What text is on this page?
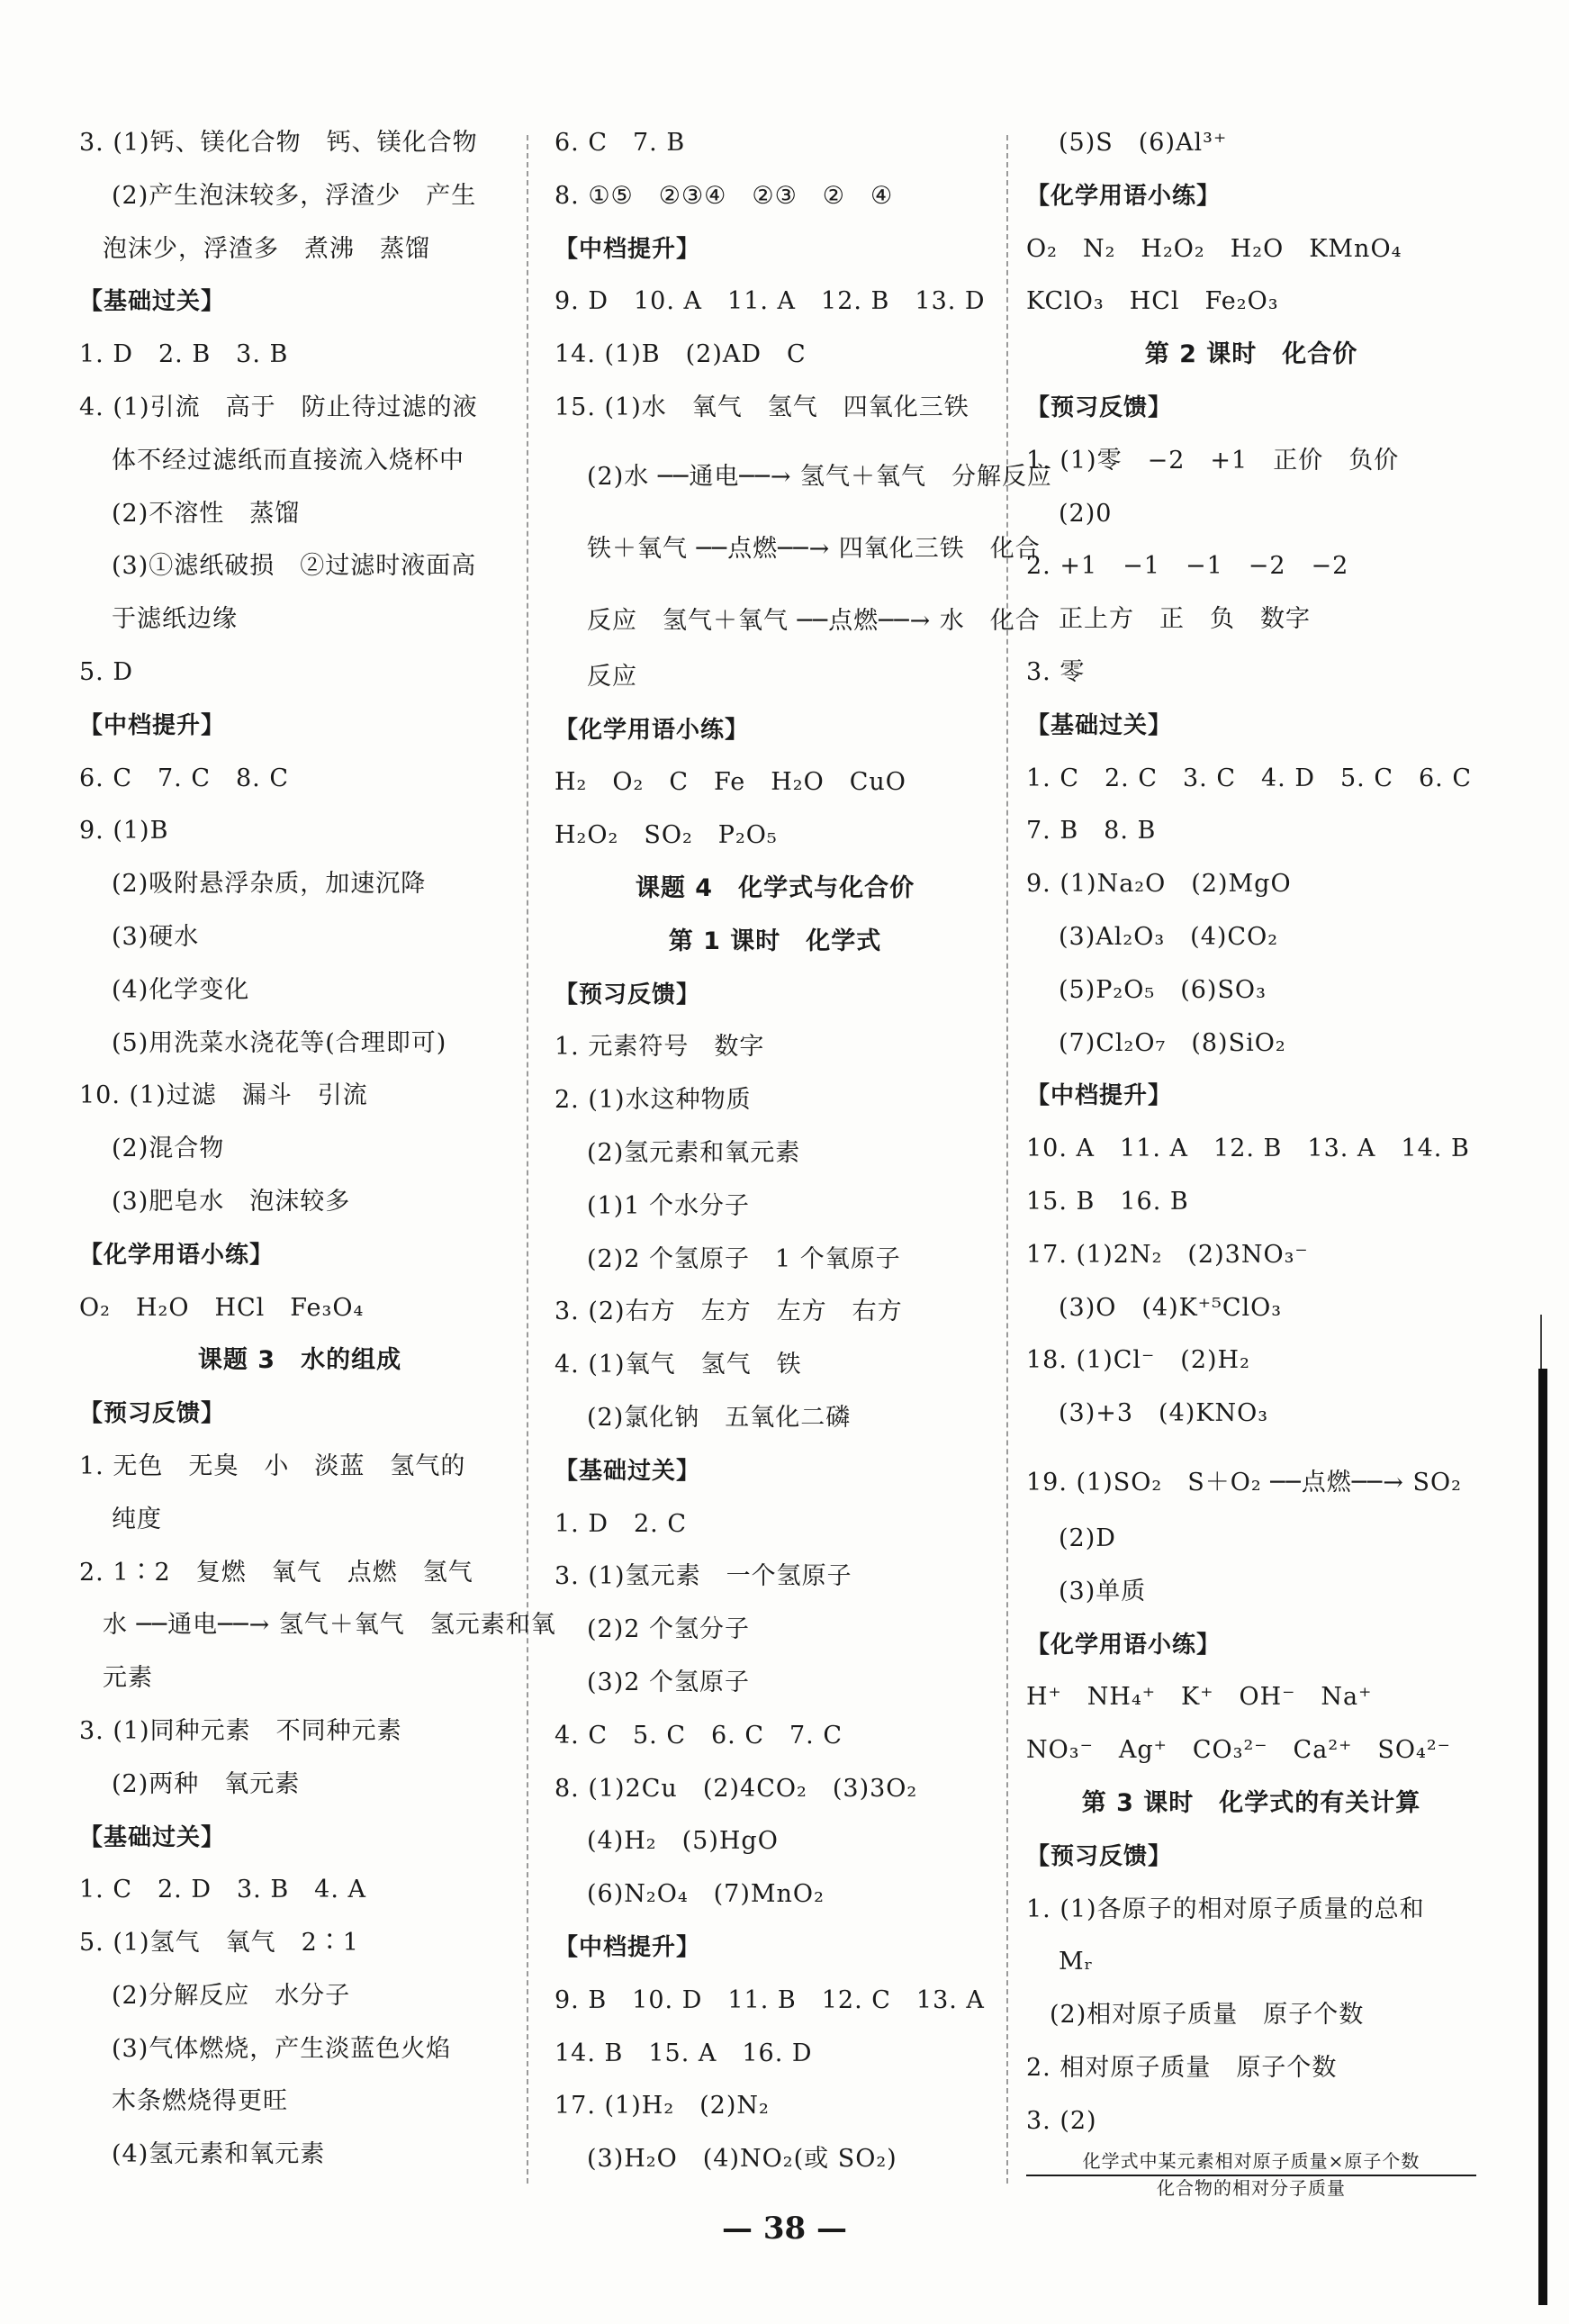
3. (1)钙、镁化合物　钙、镁化合物
(2)产生泡沫较多，浮渣少　产生
泡沫少，浮渣多　煮沸　蒸馏
【基础过关】
1. D　2. B　3. B
4. (1)引流　高于　防止待过滤的液
体不经过滤纸而直接流入烧杯中
(2)不溶性　蒸馏
(3)①滤纸破损　②过滤时液面高
于滤纸边缘
5. D
【中档提升】
6. C　7. C　8. C
9. (1)B
(2)吸附悬浮杂质，加速沉降
(3)硬水
(4)化学变化
(5)用洗菜水浇花等(合理即可)
10. (1)过滤　漏斗　引流
(2)混合物
(3)肥皂水　泡沫较多
【化学用语小练】
O₂　H₂O　HCl　Fe₃O₄
课题 3　水的组成
【预习反馈】
1. 无色　无臭　小　淡蓝　氢气的
纯度
2. 1∶2　复燃　氧气　点燃　氢气
水 ──通电──→ 氢气＋氧气　氢元素和氧
元素
3. (1)同种元素　不同种元素
(2)两种　氧元素
【基础过关】
1. C　2. D　3. B　4. A
5. (1)氢气　氧气　2∶1
(2)分解反应　水分子
(3)气体燃烧，产生淡蓝色火焰
木条燃烧得更旺
(4)氢元素和氧元素
6. C　7. B
8. ①⑤　②③④　②③　②　④
【中档提升】
9. D　10. A　11. A　12. B　13. D
14. (1)B　(2)AD　C
15. (1)水　氧气　氢气　四氧化三铁
(2)水 ──通电──→ 氢气＋氧气　分解反应
铁＋氧气 ──点燃──→ 四氧化三铁　化合
反应　氢气＋氧气 ──点燃──→ 水　化合
反应
【化学用语小练】
H₂　O₂　C　Fe　H₂O　CuO
H₂O₂　SO₂　P₂O₅
课题 4　化学式与化合价
第 1 课时　化学式
【预习反馈】
1. 元素符号　数字
2. (1)水这种物质
(2)氢元素和氧元素
(1)1 个水分子
(2)2 个氢原子　1 个氧原子
3. (2)右方　左方　左方　右方
4. (1)氧气　氢气　铁
(2)氯化钠　五氧化二磷
【基础过关】
1. D　2. C
3. (1)氢元素　一个氢原子
(2)2 个氢分子
(3)2 个氢原子
4. C　5. C　6. C　7. C
8. (1)2Cu　(2)4CO₂　(3)3O₂
(4)H₂　(5)HgO
(6)N₂O₄　(7)MnO₂
【中档提升】
9. B　10. D　11. B　12. C　13. A
14. B　15. A　16. D
17. (1)H₂　(2)N₂
(3)H₂O　(4)NO₂(或 SO₂)
(5)S　(6)Al³⁺
【化学用语小练】
O₂　N₂　H₂O₂　H₂O　KMnO₄
KClO₃　HCl　Fe₂O₃
第 2 课时　化合价
【预习反馈】
1. (1)零　−2　+1　正价　负价
(2)0
2. +1　−1　−1　−2　−2
正上方　正　负　数字
3. 零
【基础过关】
1. C　2. C　3. C　4. D　5. C　6. C
7. B　8. B
9. (1)Na₂O　(2)MgO
(3)Al₂O₃　(4)CO₂
(5)P₂O₅　(6)SO₃
(7)Cl₂O₇　(8)SiO₂
【中档提升】
10. A　11. A　12. B　13. A　14. B
15. B　16. B
17. (1)2N₂　(2)3NO₃⁻
(3)O　(4)K⁺⁵ClO₃
18. (1)Cl⁻　(2)H₂
(3)+3　(4)KNO₃
19. (1)SO₂　S＋O₂ ──点燃──→ SO₂
(2)D
(3)单质
【化学用语小练】
H⁺　NH₄⁺　K⁺　OH⁻　Na⁺
NO₃⁻　Ag⁺　CO₃²⁻　Ca²⁺　SO₄²⁻
第 3 课时　化学式的有关计算
【预习反馈】
1. (1)各原子的相对原子质量的总和
Mᵣ
(2)相对原子质量　原子个数
2. 相对原子质量　原子个数
3. (2)
化学式中某元素相对原子质量×原子个数
化合物的相对分子质量
— 38 —
